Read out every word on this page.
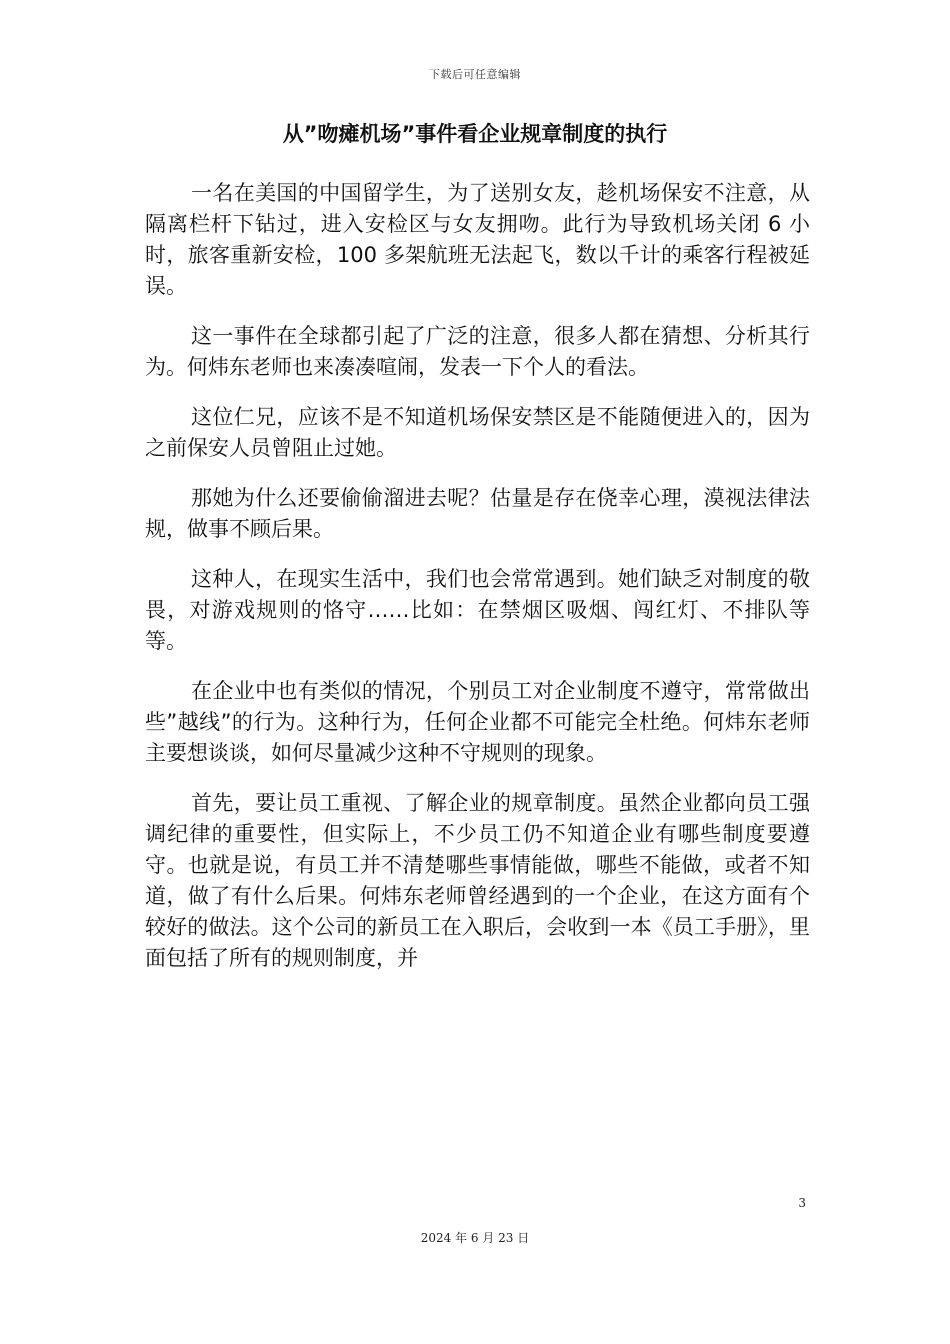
下载后可任意编辑
从”吻瘫机场”事件看企业规章制度的执行

一名在美国的中国留学生，为了送别女友，趁机场保安不注意，从隔离栏杆下钻过，进入安检区与女友拥吻。此行为导致机场关闭 6 小时，旅客重新安检，100 多架航班无法起飞，数以千计的乘客行程被延误。

这一事件在全球都引起了广泛的注意，很多人都在猜想、分析其行为。何炜东老师也来凑凑喧闹，发表一下个人的看法。

这位仁兄，应该不是不知道机场保安禁区是不能随便进入的，因为之前保安人员曾阻止过她。

那她为什么还要偷偷溜进去呢？估量是存在侥幸心理，漠视法律法规，做事不顾后果。

这种人，在现实生活中，我们也会常常遇到。她们缺乏对制度的敬畏，对游戏规则的恪守……比如：在禁烟区吸烟、闯红灯、不排队等等。

在企业中也有类似的情况，个别员工对企业制度不遵守，常常做出些”越线”的行为。这种行为，任何企业都不可能完全杜绝。何炜东老师主要想谈谈，如何尽量减少这种不守规则的现象。

首先，要让员工重视、了解企业的规章制度。虽然企业都向员工强调纪律的重要性，但实际上，不少员工仍不知道企业有哪些制度要遵守。也就是说，有员工并不清楚哪些事情能做，哪些不能做，或者不知道，做了有什么后果。何炜东老师曾经遇到的一个企业，在这方面有个较好的做法。这个公司的新员工在入职后，会收到一本《员工手册》，里面包括了所有的规则制度，并

3
2024 年 6 月 23 日
